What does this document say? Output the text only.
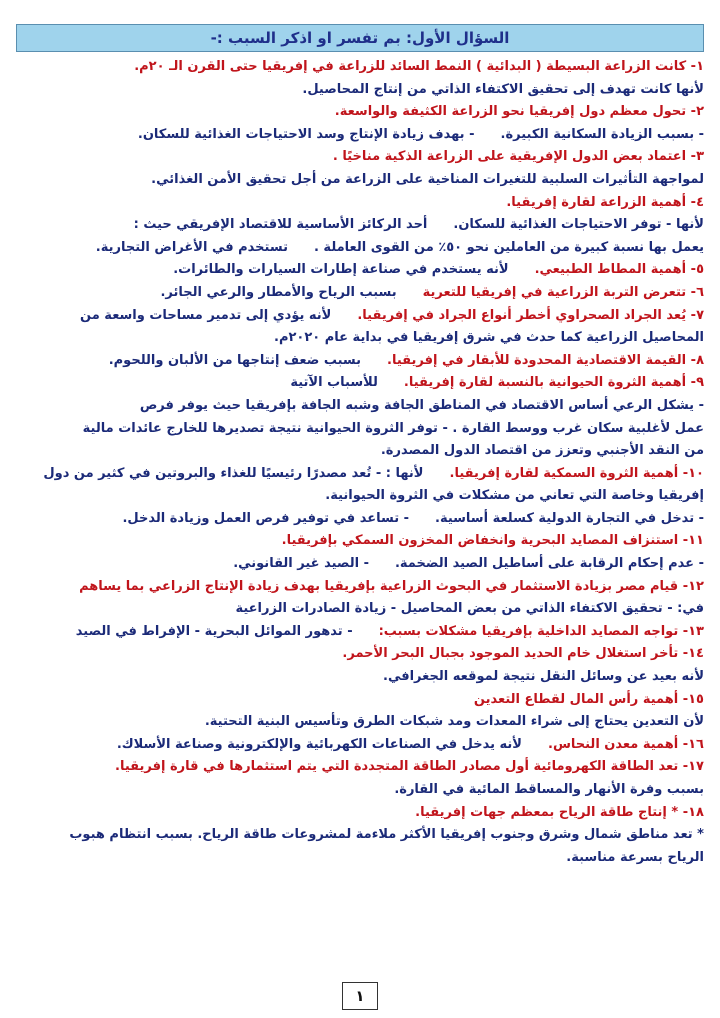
السؤال الأول: بم تفسر او اذكر السبب :-
١- كانت الزراعة البسيطة ( البدائية ) النمط السائد للزراعة في إفريقيا حتى القرن الـ ٢٠م.
لأنها كانت تهدف إلى تحقيق الاكتفاء الذاتي من إنتاج المحاصيل.
٢- تحول معظم دول إفريقيا نحو الزراعة الكثيفة والواسعة.
- بسبب الزيادة السكانية الكبيرة.- بهدف زيادة الإنتاج وسد الاحتياجات الغذائية للسكان.
٣- اعتماد بعض الدول الإفريقية على الزراعة الذكية مناخيًا .
لمواجهة التأثيرات السلبية للتغيرات المناخية على الزراعة من أجل تحقيق الأمن الغذائي.
٤- أهمية الزراعة لقارة إفريقيا.
لأنها - توفر الاحتياجات الغذائية للسكان.أحد الركائز الأساسية للاقتصاد الإفريقي حيث :
يعمل بها نسبة كبيرة من العاملين نحو ٥٠٪ من القوى العاملة .تستخدم في الأغراض التجارية.
٥- أهمية المطاط الطبيعي.لأنه يستخدم في صناعة إطارات السيارات والطائرات.
٦- تتعرض التربة الزراعية في إفريقيا للتعريةبسبب الرياح والأمطار والرعي الجائر.
٧- يُعد الجراد الصحراوي أخطر أنواع الجراد في إفريقيا.لأنه يؤدي إلى تدمير مساحات واسعة من
المحاصيل الزراعية كما حدث في شرق إفريقيا في بداية عام ٢٠٢٠م.
٨- القيمة الاقتصادية المحدودة للأبقار في إفريقيا.بسبب ضعف إنتاجها من الألبان واللحوم.
٩- أهمية الثروة الحيوانية بالنسبة لقارة إفريقيا.للأسباب الآتية
- يشكل الرعي أساس الاقتصاد في المناطق الجافة وشبه الجافة بإفريقيا حيث يوفر فرص
عمل لأغلبية سكان غرب ووسط القارة . - توفر الثروة الحيوانية نتيجة تصديرها للخارج عائدات مالية
من النقد الأجنبي وتعزز من اقتصاد الدول المصدرة.
١٠- أهمية الثروة السمكية لقارة إفريقيا.لأنها : - تُعد مصدرًا رئيسيًا للغذاء والبروتين في كثير من دول
إفريقيا وخاصة التي تعاني من مشكلات في الثروة الحيوانية.
- تدخل في التجارة الدولية كسلعة أساسية.- تساعد في توفير فرص العمل وزيادة الدخل.
١١- استنزاف المصايد البحرية وانخفاض المخزون السمكي بإفريقيا.
- عدم إحكام الرقابة على أساطيل الصيد الضخمة.- الصيد غير القانوني.
١٢- قيام مصر بزيادة الاستثمار في البحوث الزراعية بإفريقيا بهدف زيادة الإنتاج الزراعي بما يساهم
في: - تحقيق الاكتفاء الذاتي من بعض المحاصيل - زيادة الصادرات الزراعية
١٣- تواجه المصايد الداخلية بإفريقيا مشكلات بسبب:- تدهور الموائل البحرية - الإفراط في الصيد
١٤- تأخر استغلال خام الحديد الموجود بجبال البحر الأحمر.
لأنه بعيد عن وسائل النقل نتيجة لموقعه الجغرافي.
١٥- أهمية رأس المال لقطاع التعدين
لأن التعدين يحتاج إلى شراء المعدات ومد شبكات الطرق وتأسيس البنية التحتية.
١٦- أهمية معدن النحاس.لأنه يدخل في الصناعات الكهربائية والإلكترونية وصناعة الأسلاك.
١٧- تعد الطاقة الكهرومائية أول مصادر الطاقة المتجددة التي يتم استثمارها في قارة إفريقيا.
بسبب وفرة الأنهار والمساقط المائية في القارة.
١٨- * إنتاج طاقة الرياح بمعظم جهات إفريقيا.
* تعد مناطق شمال وشرق وجنوب إفريقيا الأكثر ملاءمة لمشروعات طاقة الرياح. بسبب انتظام هبوب
الرياح بسرعة مناسبة.
١
